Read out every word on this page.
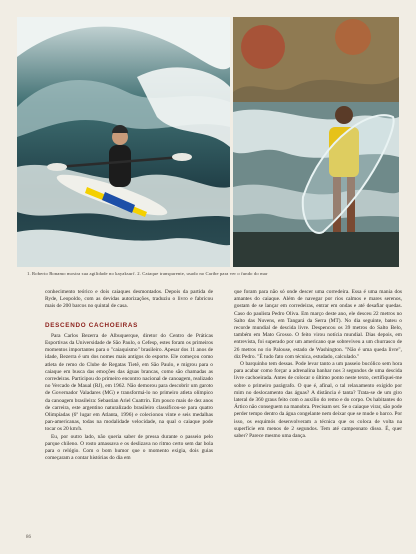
1. Roberto Bonamo mostra sua agilidade no kayaksurf. 2. Caiaque transparente, usado no Caribe para ver o fundo do mar

conhecimento teórico e dois caiaques desmontados. Depois da partida de Ryde, Leopoldo, com as devidas autorizações, traduziu o livro e fabricou mais de 200 barcos no quintal de casa.

DESCENDO CACHOEIRAS

Para Carlos Bezerra de Albuquerque, diretor do Centro de Práticas Esportivas da Universidade de São Paulo, o Cefesp, estes foram os primeiros momentos importantes para o "caiaquismo" brasileiro. Apesar dos 11 anos de idade, Bezerra é um dos nomes mais antigos do esporte. Ele começou como atleta de remo do Clube de Regatas Tietê, em São Paulo, e migrou para o caiaque em busca das emoções das águas brancas, como são chamadas as corredeiras. Participou do primeiro encontro nacional de canoagem, realizado no Vercado de Maual (RJ), em 1962. Não demorou para descobrir um garoto de Governador Valadares (MG) e transformá-lo no primeiro atleta olímpico da canoagem brasileira: Sebastian Ariel Cuattrin. Em pouco mais de dez anos de carreira, este argentino naturalizado brasileiro classificou-se para quatro Olimpíadas (6º lugar em Atlanta, 1996) e colecionou vinte e seis medalhas pan-americanas, todas na modalidade velocidade, na qual o caiaque pode tocar os 20 km/h.

Eu, por outro lado, não queria saber de pressa durante o passeio pelo parque chileno. O rosto amassava e os deslizava no ritmo certo sem dar bola para o relógio. Com o bom humor que o momento exigia, dois guias começaram a contar histórias do dia em

que foram para não só onde descer uma corredeira. Essa é uma mania dos amantes do caiaque. Além de navegar por rios calmos e mares serenos, gostam de se lançar em corredeiras, entrar em ondas e até desafiar quedas. Caso do paulista Pedro Oliva. Em março deste ano, ele desceu 22 metros no Salto das Nuvens, em Tangará da Serra (MT). No dia seguinte, bateu o recorde mundial de descida livre. Despencou os 39 metros do Salto Belo, também em Mato Grosso. O feito virou notícia mundial. Dias depois, em entrevista, foi superado por um americano que sobreviveu a um churrasco de 26 metros no rio Palouse, estado de Washington. "Não é uma queda livre", diz Pedro. "É tudo fato com técnica, estudado, calculado."

O barquinho tem dessas. Pode levar tanto a um passeio bucólico sem hora para acabar como forçar a adrenalina banhar nos 3 segundos de uma descida livre cachoeirada. Antes de colocar o último ponto neste texto, certifiquei-me sobre o primeiro parágrafo. O que é, afinal, o tal relaxamento exigido por mim no deslocamento das águas? A distância é tanta? Trata-se de um giro lateral de 360 graus feito com o auxílio do remo e do corpo. Os habitantes do Ártico não conseguem na manobra. Precisam ser. Se o caiaque virar, são pode perder tempo dentro da água congelante nem deixar que se mude o barco. Por isso, os esquimós desenvolveram a técnica que os coloca de volta na superfície em menos de 2 segundos. Tem até campeonato disso. É, quer saber? Parece mesmo uma dança.

86
